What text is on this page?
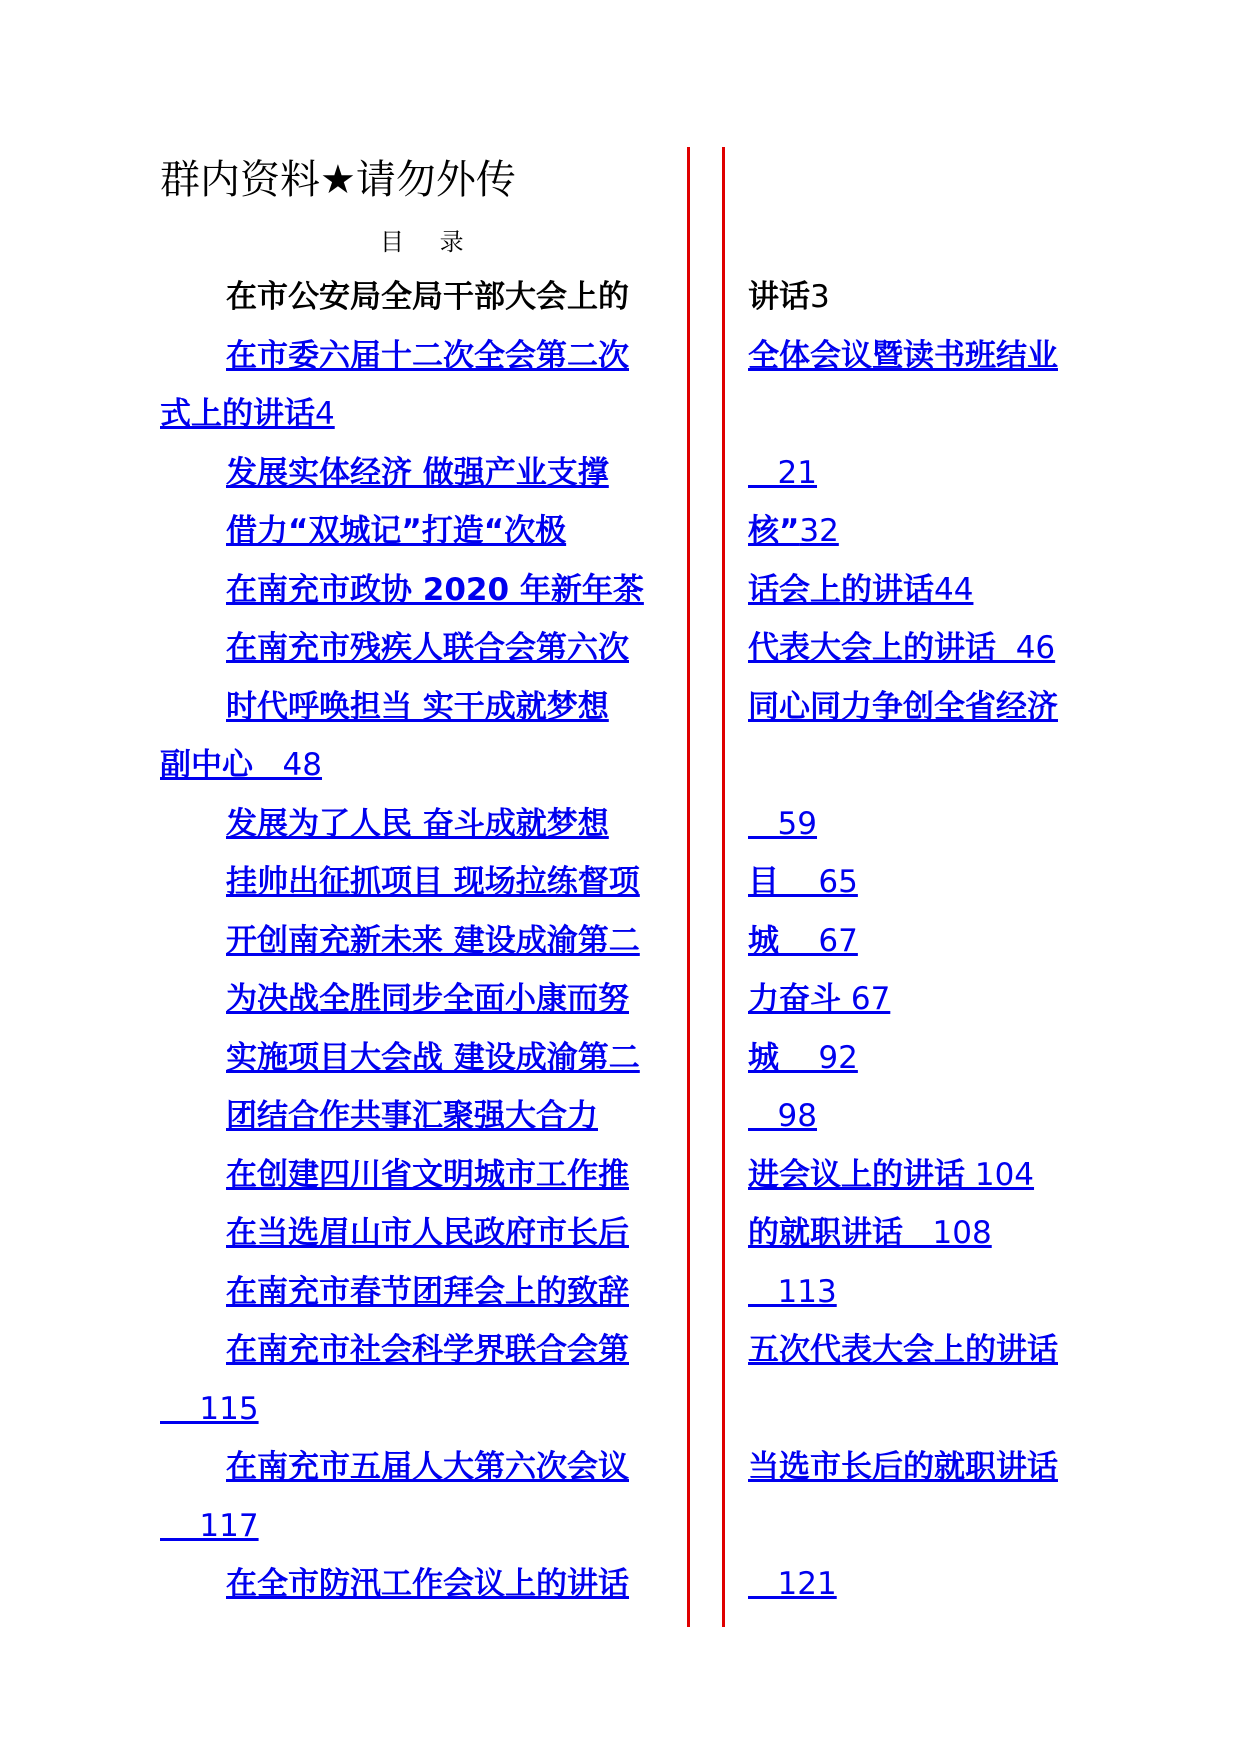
群内资料★请勿外传
目 录
在市公安局全局干部大会上的
在市委六届十二次全会第二次
式上的讲话4
发展实体经济 做强产业支撑
借力“双城记”打造“次极
在南充市政协 2020 年新年茶
在南充市残疾人联合会第六次
时代呼唤担当 实干成就梦想
副中心   48
发展为了人民 奋斗成就梦想
挂帅出征抓项目 现场拉练督项
开创南充新未来 建设成渝第二
为决战全胜同步全面小康而努
实施项目大会战 建设成渝第二
团结合作共事汇聚强大合力
在创建四川省文明城市工作推
在当选眉山市人民政府市长后
在南充市春节团拜会上的致辞
在南充市社会科学界联合会第
115
在南充市五届人大第六次会议
117
在全市防汛工作会议上的讲话
讲话3
全体会议暨读书班结业
21
核”32
话会上的讲话44
代表大会上的讲话  46
同心同力争创全省经济
59
目    65
城    67
力奋斗 67
城    92
98
进会议上的讲话 104
的就职讲话   108
113
五次代表大会上的讲话
当选市长后的就职讲话
121
